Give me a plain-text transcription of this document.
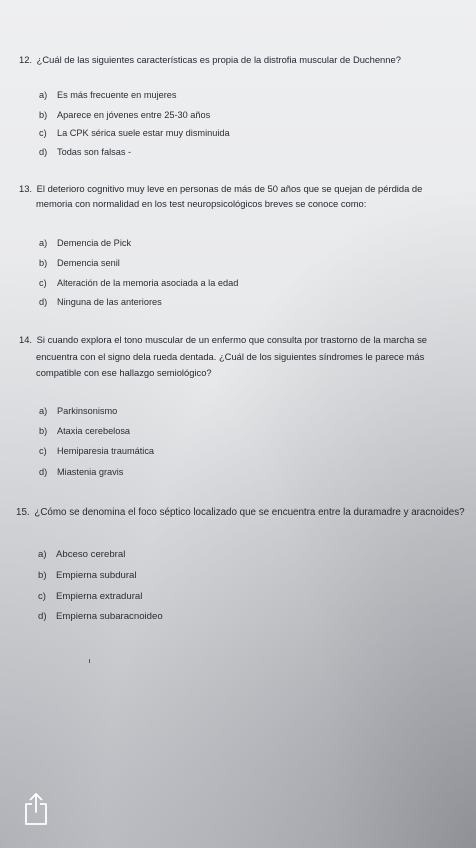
12. ¿Cuál de las siguientes características es propia de la distrofia muscular de Duchenne?
a) Es más frecuente en mujeres
b) Aparece en jóvenes entre 25-30 años
c) La CPK sérica suele estar muy disminuida
d) Todas son falsas -
13. El deterioro cognitivo muy leve en personas de más de 50 años que se quejan de pérdida de
memoria con normalidad en los test neuropsicológicos breves se conoce como:
a) Demencia de Pick
b) Demencia senil
c) Alteración de la memoria asociada a la edad
d) Ninguna de las anteriores
14. Si cuando explora el tono muscular de un enfermo que consulta por trastorno de la marcha se
encuentra con el signo dela rueda dentada. ¿Cuál de los siguientes síndromes le parece más
compatible con ese hallazgo semiológico?
a) Parkinsonismo
b) Ataxia cerebelosa
c) Hemiparesia traumática
d) Miastenia gravis
15. ¿Cómo se denomina el foco séptico localizado que se encuentra entre la duramadre y aracnoides?
a) Abceso cerebral
b) Empierna subdural
c) Empierna extradural
d) Empierna subaracnoideo
